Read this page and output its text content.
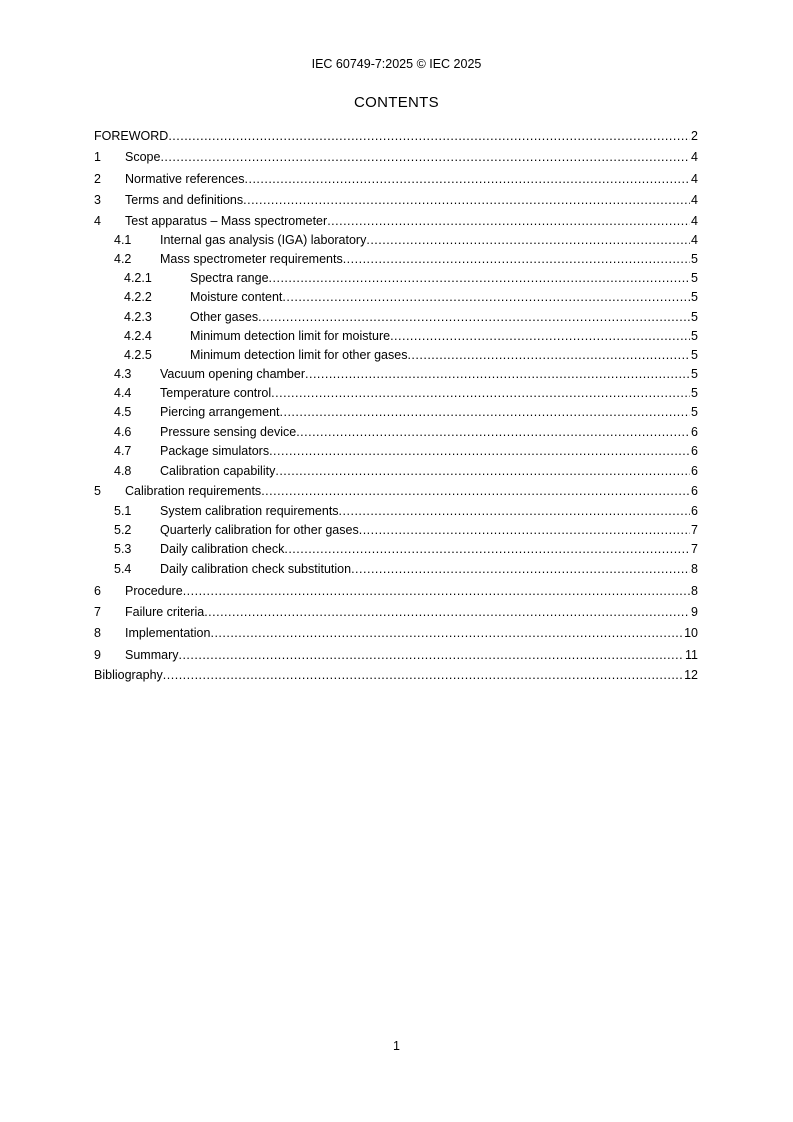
IEC 60749-7:2025 © IEC 2025
CONTENTS
FOREWORD .....	2
1	Scope .....	4
2	Normative references .....	4
3	Terms and definitions .....	4
4	Test apparatus – Mass spectrometer .....	4
4.1	Internal gas analysis (IGA) laboratory .....	4
4.2	Mass spectrometer requirements .....	5
4.2.1	Spectra range .....	5
4.2.2	Moisture content .....	5
4.2.3	Other gases .....	5
4.2.4	Minimum detection limit for moisture .....	5
4.2.5	Minimum detection limit for other gases .....	5
4.3	Vacuum opening chamber .....	5
4.4	Temperature control .....	5
4.5	Piercing arrangement .....	5
4.6	Pressure sensing device .....	6
4.7	Package simulators .....	6
4.8	Calibration capability .....	6
5	Calibration requirements .....	6
5.1	System calibration requirements .....	6
5.2	Quarterly calibration for other gases .....	7
5.3	Daily calibration check .....	7
5.4	Daily calibration check substitution .....	8
6	Procedure .....	8
7	Failure criteria .....	9
8	Implementation .....	10
9	Summary .....	11
Bibliography .....	12
1
